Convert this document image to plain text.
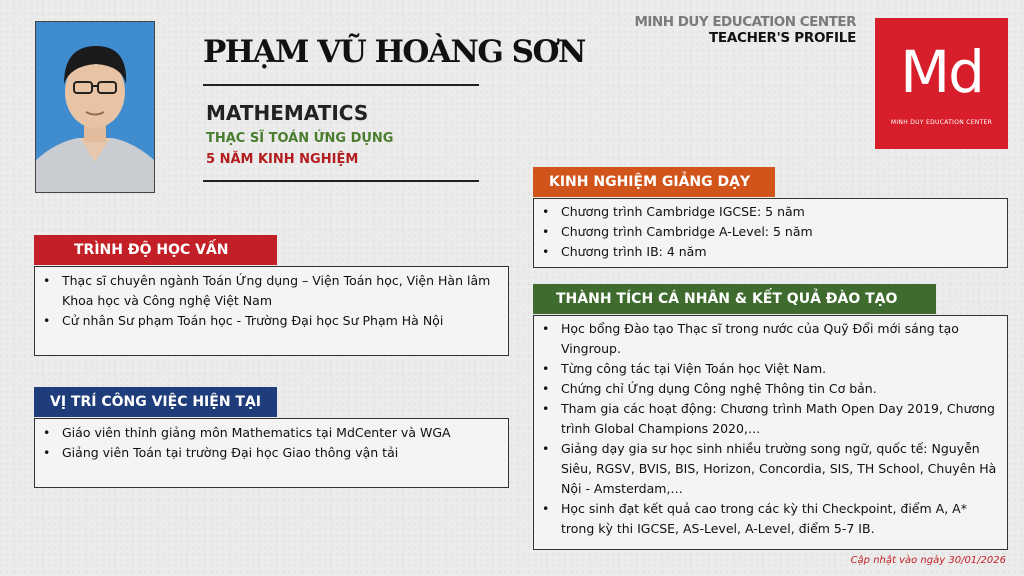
PHẠM VŨ HOÀNG SƠN
MATHEMATICS
THẠC SĨ TOÁN ỨNG DỤNG
5 NĂM KINH NGHIỆM
MINH DUY EDUCATION CENTER
TEACHER'S PROFILE Md
MINH DUY EDUCATION CENTER
TRÌNH ĐỘ HỌC VẤN
• Thạc sĩ chuyên ngành Toán Ứng dụng – Viện Toán học, Viện Hàn lâm Khoa học và Công nghệ Việt Nam
• Cử nhân Sư phạm Toán học - Trường Đại học Sư Phạm Hà Nội
VỊ TRÍ CÔNG VIỆC HIỆN TẠI
• Giáo viên thỉnh giảng môn Mathematics tại MdCenter và WGA
• Giảng viên Toán tại trường Đại học Giao thông vận tải
KINH NGHIỆM GIẢNG DẠY
• Chương trình Cambridge IGCSE: 5 năm
• Chương trình Cambridge A-Level: 5 năm
• Chương trình IB: 4 năm
THÀNH TÍCH CÁ NHÂN & KẾT QUẢ ĐÀO TẠO
• Học bổng Đào tạo Thạc sĩ trong nước của Quỹ Đổi mới sáng tạo Vingroup.
• Từng công tác tại Viện Toán học Việt Nam.
• Chứng chỉ Ứng dụng Công nghệ Thông tin Cơ bản.
• Tham gia các hoạt động: Chương trình Math Open Day 2019, Chương trình Global Champions 2020,…
• Giảng dạy gia sư học sinh nhiều trường song ngữ, quốc tế: Nguyễn Siêu, RGSV, BVIS, BIS, Horizon, Concordia, SIS, TH School, Chuyên Hà Nội - Amsterdam,…
• Học sinh đạt kết quả cao trong các kỳ thi Checkpoint, điểm A, A* trong kỳ thi IGCSE, AS-Level, A-Level, điểm 5-7 IB.
Cập nhật vào ngày 30/01/2026
